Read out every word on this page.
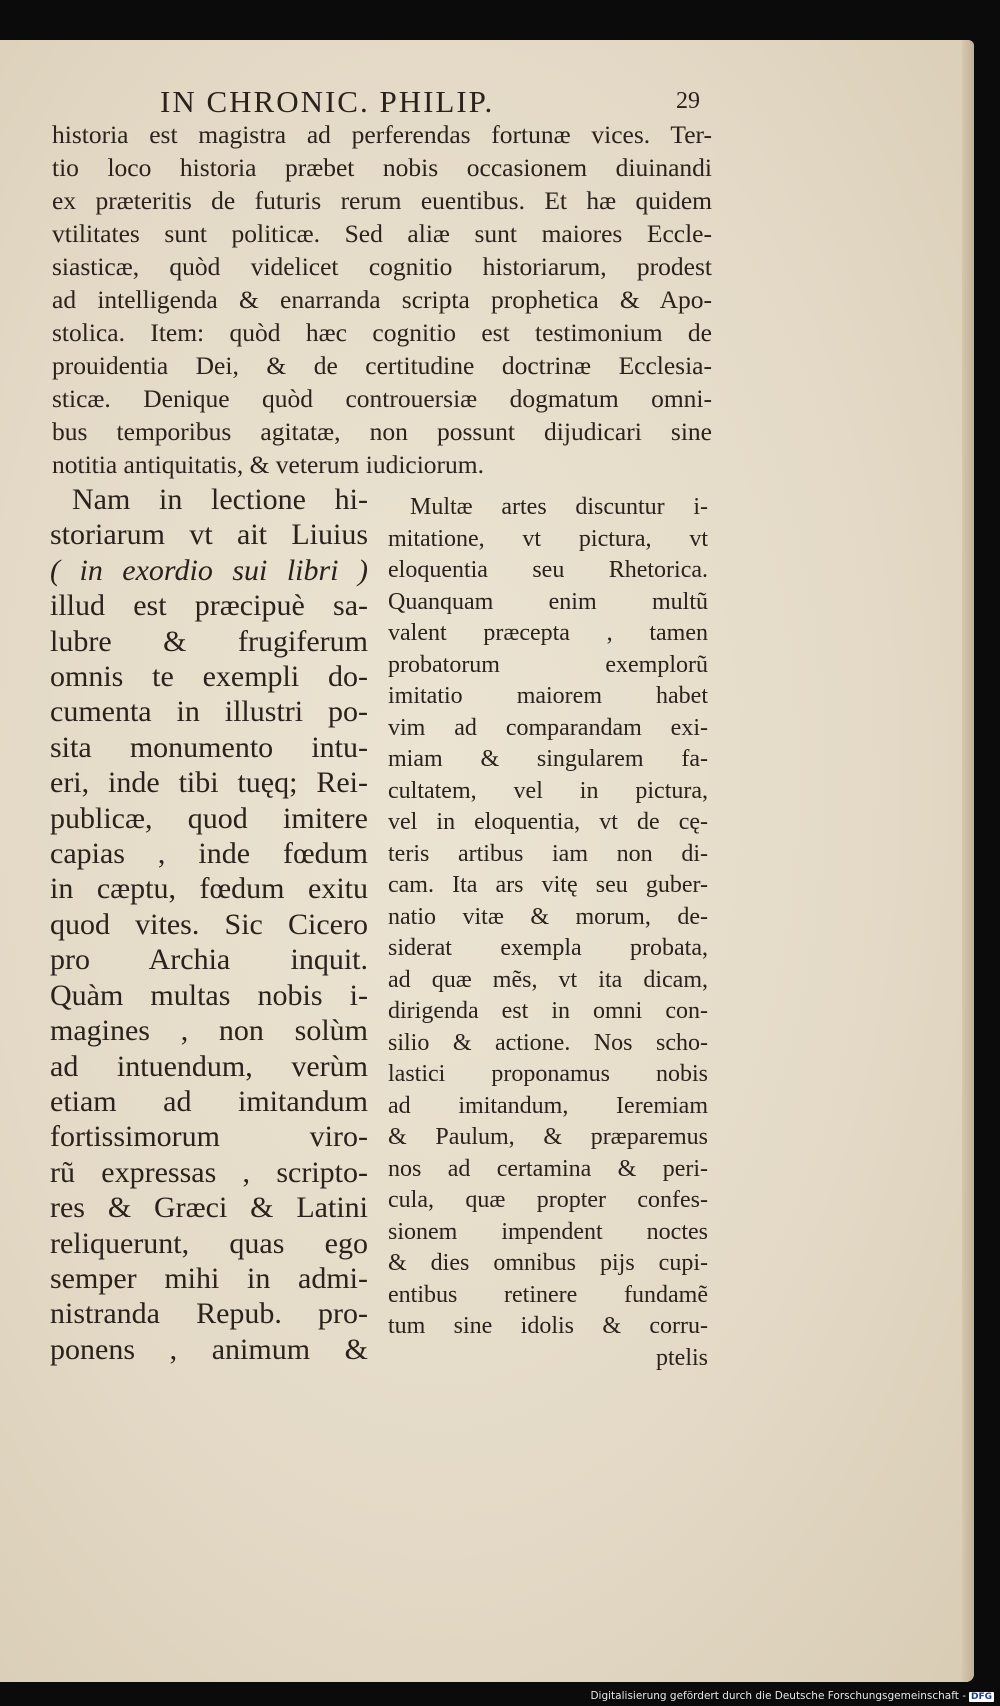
IN CHRONIC. PHILIP.	29
historia est magistra ad perferendas fortunæ vices. Ter-
tio loco historia præbet nobis occasionem diuinandi
ex præteritis de futuris rerum euentibus. Et hæ quidem
vtilitates sunt politicæ. Sed aliæ sunt maiores Eccle-
siasticæ, quòd videlicet cognitio historiarum, prodest
ad intelligenda & enarranda scripta prophetica & Apo-
stolica. Item: quòd hæc cognitio est testimonium de
prouidentia Dei, & de certitudine doctrinæ Ecclesia-
sticæ. Denique quòd controuersiæ dogmatum omni-
bus temporibus agitatæ, non possunt dijudicari sine
notitia antiquitatis, & veterum iudiciorum.
Nam in lectione hi-
storiarum vt ait Liuius
( in exordio sui libri )
illud est præcipuè sa-
lubre & frugiferum
omnis te exempli do-
cumenta in illustri po-
sita monumento intu-
eri, inde tibi tuęq; Rei-
publicæ, quod imitere
capias , inde fœdum
in cæptu, fœdum exitu
quod vites. Sic Cicero
pro Archia inquit.
Quàm multas nobis i-
magines , non solùm
ad intuendum, verùm
etiam ad imitandum
fortissimorum viro-
rũ expressas , scripto-
res & Græci & Latini
reliquerunt, quas ego
semper mihi in admi-
nistranda Repub. pro-
ponens , animum &
Multæ artes discuntur i-
mitatione, vt pictura, vt
eloquentia seu Rhetorica.
Quanquam enim multũ
valent præcepta , tamen
probatorum exemplorũ
imitatio maiorem habet
vim ad comparandam exi-
miam & singularem fa-
cultatem, vel in pictura,
vel in eloquentia, vt de cę-
teris artibus iam non di-
cam. Ita ars vitę seu guber-
natio vitæ & morum, de-
siderat exempla probata,
ad quæ mẽs, vt ita dicam,
dirigenda est in omni con-
silio & actione. Nos scho-
lastici proponamus nobis
ad imitandum, Ieremiam
& Paulum, & præparemus
nos ad certamina & peri-
cula, quæ propter confes-
sionem impendent noctes
& dies omnibus pijs cupi-
entibus retinere fundamẽ
tum sine idolis & corru-
ptelis
Digitalisierung gefördert durch die Deutsche Forschungsgemeinschaft - DFG
